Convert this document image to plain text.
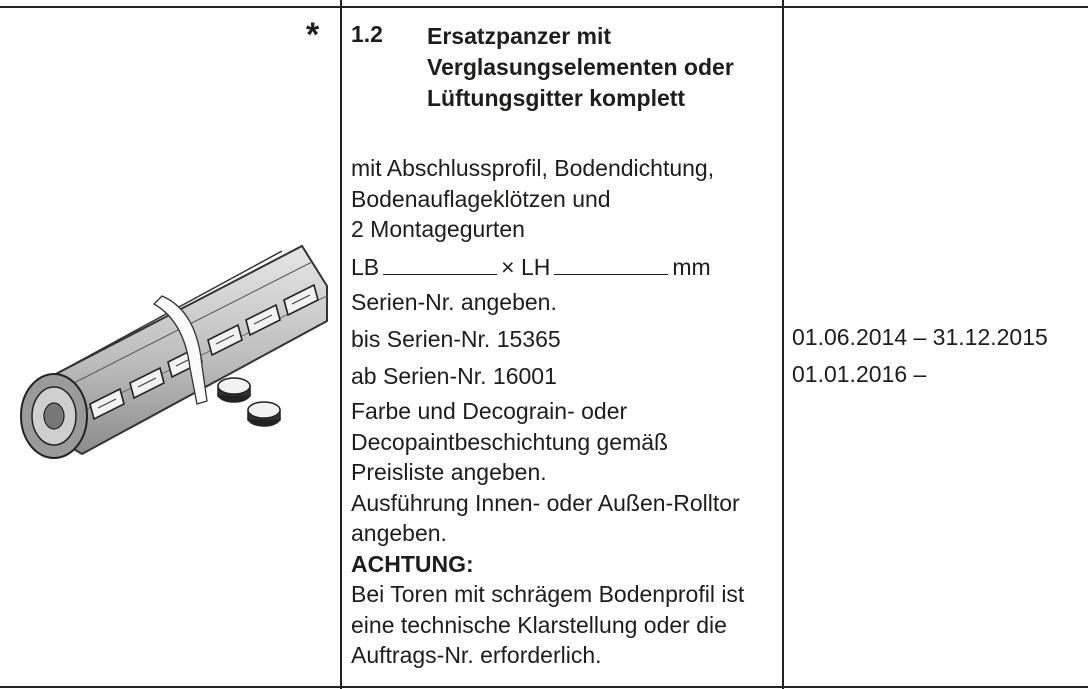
* 1.2 Ersatzpanzer mit
Verglasungselementen oder
Lüftungsgitter komplett
mit Abschlussprofil, Bodendichtung,
Bodenauflageklötzen und
2 Montagegurten
LB	× LH	mm
Serien-Nr. angeben.
bis Serien-Nr. 15365
ab Serien-Nr. 16001
Farbe und Decograin- oder
Decopaintbeschichtung gemäß
Preisliste angeben.
Ausführung Innen- oder Außen-Rolltor
angeben.
ACHTUNG:
Bei Toren mit schrägem Bodenprofil ist
eine technische Klarstellung oder die
Auftrags-Nr. erforderlich.
01.06.2014 – 31.12.2015
01.01.2016 –
